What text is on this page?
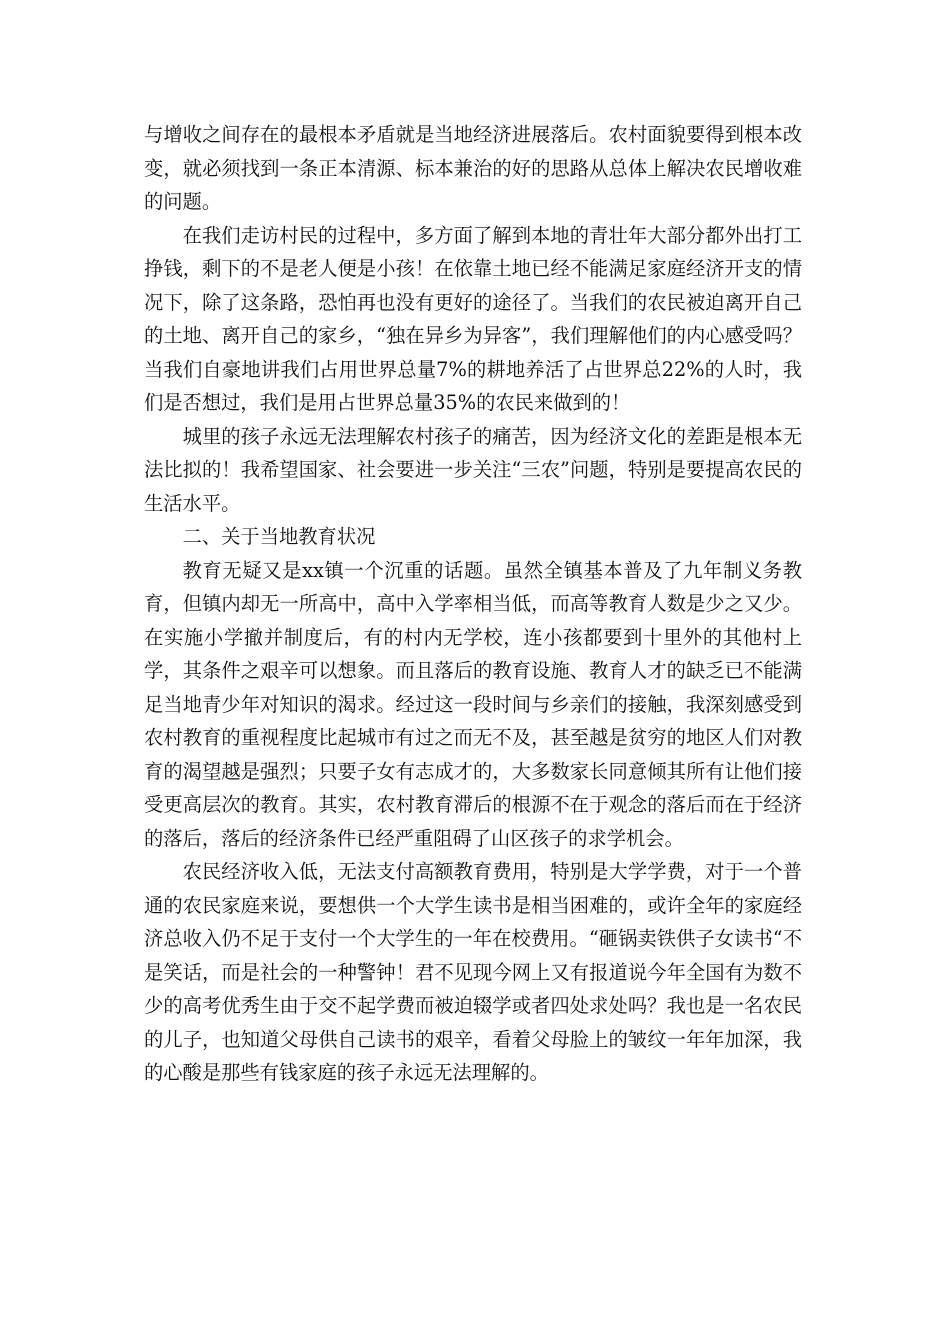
与增收之间存在的最根本矛盾就是当地经济进展落后。农村面貌要得到根本改变，就必须找到一条正本清源、标本兼治的好的思路从总体上解决农民增收难的问题。

在我们走访村民的过程中，多方面了解到本地的青壮年大部分都外出打工挣钱，剩下的不是老人便是小孩！在依靠土地已经不能满足家庭经济开支的情况下，除了这条路，恐怕再也没有更好的途径了。当我们的农民被迫离开自己的土地、离开自己的家乡，“独在异乡为异客”，我们理解他们的内心感受吗？当我们自豪地讲我们占用世界总量7%的耕地养活了占世界总22%的人时，我们是否想过，我们是用占世界总量35%的农民来做到的！

城里的孩子永远无法理解农村孩子的痛苦，因为经济文化的差距是根本无法比拟的！我希望国家、社会要进一步关注“三农”问题，特别是要提高农民的生活水平。

二、关于当地教育状况

教育无疑又是xx镇一个沉重的话题。虽然全镇基本普及了九年制义务教育，但镇内却无一所高中，高中入学率相当低，而高等教育人数是少之又少。在实施小学撤并制度后，有的村内无学校，连小孩都要到十里外的其他村上学，其条件之艰辛可以想象。而且落后的教育设施、教育人才的缺乏已不能满足当地青少年对知识的渴求。经过这一段时间与乡亲们的接触，我深刻感受到农村教育的重视程度比起城市有过之而无不及，甚至越是贫穷的地区人们对教育的渴望越是强烈；只要子女有志成才的，大多数家长同意倾其所有让他们接受更高层次的教育。其实，农村教育滞后的根源不在于观念的落后而在于经济的落后，落后的经济条件已经严重阻碍了山区孩子的求学机会。

农民经济收入低，无法支付高额教育费用，特别是大学学费，对于一个普通的农民家庭来说，要想供一个大学生读书是相当困难的，或许全年的家庭经济总收入仍不足于支付一个大学生的一年在校费用。“砸锅卖铁供子女读书“不是笑话，而是社会的一种警钟！君不见现今网上又有报道说今年全国有为数不少的高考优秀生由于交不起学费而被迫辍学或者四处求处吗？我也是一名农民的儿子，也知道父母供自己读书的艰辛，看着父母脸上的皱纹一年年加深，我的心酸是那些有钱家庭的孩子永远无法理解的。
